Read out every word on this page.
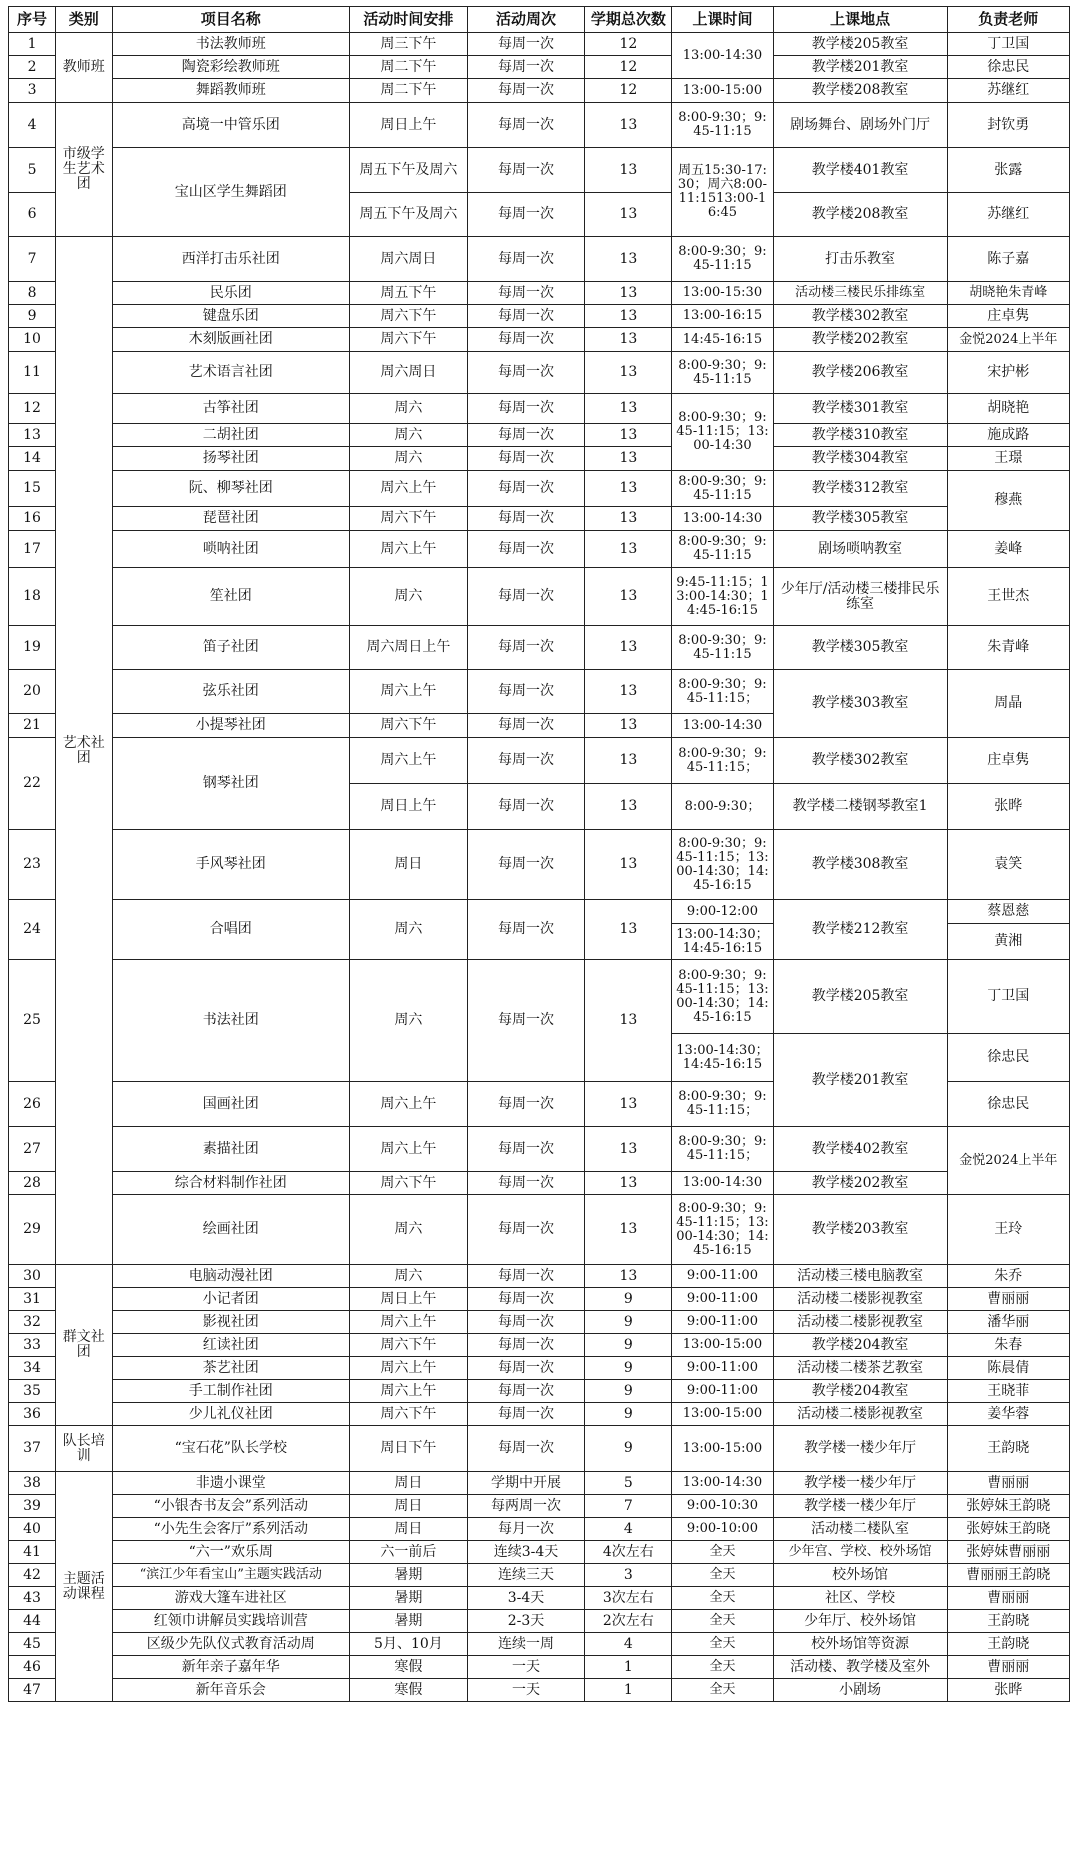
序号	类别	项目名称	活动时间安排	活动周次	学期总次数	上课时间	上课地点	负责老师
1	教师班	书法教师班	周三下午	每周一次	12	13:00-14:30	教学楼205教室	丁卫国
2		陶瓷彩绘教师班	周二下午	每周一次	12		教学楼201教室	徐忠民
3		舞蹈教师班	周二下午	每周一次	12	13:00-15:00	教学楼208教室	苏继红
4	市级学生艺术团	高境一中管乐团	周日上午	每周一次	13	8:00-9:30；9:45-11:15	剧场舞台、剧场外门厅	封钦勇
5		宝山区学生舞蹈团	周五下午及周六	每周一次	13	周五15:30-17:30；周六8:00-11:1513:00-16:45	教学楼401教室	张露
6			周五下午及周六	每周一次	13		教学楼208教室	苏继红
7	艺术社团	西洋打击乐社团	周六周日	每周一次	13	8:00-9:30；9:45-11:15	打击乐教室	陈子嘉
8		民乐团	周五下午	每周一次	13	13:00-15:30	活动楼三楼民乐排练室	胡晓艳朱青峰
9		键盘乐团	周六下午	每周一次	13	13:00-16:15	教学楼302教室	庄卓隽
10		木刻版画社团	周六下午	每周一次	13	14:45-16:15	教学楼202教室	金悦2024上半年
11		艺术语言社团	周六周日	每周一次	13	8:00-9:30；9:45-11:15	教学楼206教室	宋护彬
12		古筝社团	周六	每周一次	13	8:00-9:30；9:45-11:15；13:00-14:30	教学楼301教室	胡晓艳
13		二胡社团	周六	每周一次	13		教学楼310教室	施成路
14		扬琴社团	周六	每周一次	13		教学楼304教室	王璟
15		阮、柳琴社团	周六上午	每周一次	13	8:00-9:30；9:45-11:15	教学楼312教室	穆燕
16		琵琶社团	周六下午	每周一次	13	13:00-14:30	教学楼305教室	
17		唢呐社团	周六上午	每周一次	13	8:00-9:30；9:45-11:15	剧场唢呐教室	姜峰
18		笙社团	周六	每周一次	13	9:45-11:15；13:00-14:30；14:45-16:15	少年厅/活动楼三楼排民乐练室	王世杰
19		笛子社团	周六周日上午	每周一次	13	8:00-9:30；9:45-11:15	教学楼305教室	朱青峰
20		弦乐社团	周六上午	每周一次	13	8:00-9:30；9:45-11:15；	教学楼303教室	周晶
21		小提琴社团	周六下午	每周一次	13	13:00-14:30		
22		钢琴社团	周六上午	每周一次	13	8:00-9:30；9:45-11:15；	教学楼302教室	庄卓隽
			周日上午	每周一次	13	8:00-9:30；	教学楼二楼钢琴教室1	张晔
23		手风琴社团	周日	每周一次	13	8:00-9:30；9:45-11:15；13:00-14:30；14:45-16:15	教学楼308教室	袁笑
24		合唱团	周六	每周一次	13	9:00-12:00	教学楼212教室	蔡恩慈
						13:00-14:30；14:45-16:15		黄湘
25		书法社团	周六	每周一次	13	8:00-9:30；9:45-11:15；13:00-14:30；14:45-16:15	教学楼205教室	丁卫国
						13:00-14:30；14:45-16:15	教学楼201教室	徐忠民
26		国画社团	周六上午	每周一次	13	8:00-9:30；9:45-11:15；		徐忠民
27		素描社团	周六上午	每周一次	13	8:00-9:30；9:45-11:15；	教学楼402教室	金悦2024上半年
28		综合材料制作社团	周六下午	每周一次	13	13:00-14:30	教学楼202教室	
29		绘画社团	周六	每周一次	13	8:00-9:30；9:45-11:15；13:00-14:30；14:45-16:15	教学楼203教室	王玲
30	群文社团	电脑动漫社团	周六	每周一次	13	9:00-11:00	活动楼三楼电脑教室	朱乔
31		小记者团	周日上午	每周一次	9	9:00-11:00	活动楼二楼影视教室	曹丽丽
32		影视社团	周六上午	每周一次	9	9:00-11:00	活动楼二楼影视教室	潘华丽
33		红读社团	周六下午	每周一次	9	13:00-15:00	教学楼204教室	朱春
34		茶艺社团	周六上午	每周一次	9	9:00-11:00	活动楼二楼茶艺教室	陈晨倩
35		手工制作社团	周六上午	每周一次	9	9:00-11:00	教学楼204教室	王晓菲
36		少儿礼仪社团	周六下午	每周一次	9	13:00-15:00	活动楼二楼影视教室	姜华蓉
37	队长培训	“宝石花”队长学校	周日下午	每周一次	9	13:00-15:00	教学楼一楼少年厅	王韵晓
38	主题活动课程	非遗小课堂	周日	学期中开展	5	13:00-14:30	教学楼一楼少年厅	曹丽丽
39		“小银杏书友会”系列活动	周日	每两周一次	7	9:00-10:30	教学楼一楼少年厅	张婷妹王韵晓
40		“小先生会客厅”系列活动	周日	每月一次	4	9:00-10:00	活动楼二楼队室	张婷妹王韵晓
41		“六一”欢乐周	六一前后	连续3-4天	4次左右	全天	少年宫、学校、校外场馆	张婷妹曹丽丽
42		“滨江少年看宝山”主题实践活动	暑期	连续三天	3	全天	校外场馆	曹丽丽王韵晓
43		游戏大篷车进社区	暑期	3-4天	3次左右	全天	社区、学校	曹丽丽
44		红领巾讲解员实践培训营	暑期	2-3天	2次左右	全天	少年厅、校外场馆	王韵晓
45		区级少先队仪式教育活动周	5月、10月	连续一周	4	全天	校外场馆等资源	王韵晓
46		新年亲子嘉年华	寒假	一天	1	全天	活动楼、教学楼及室外	曹丽丽
47		新年音乐会	寒假	一天	1	全天	小剧场	张晔
